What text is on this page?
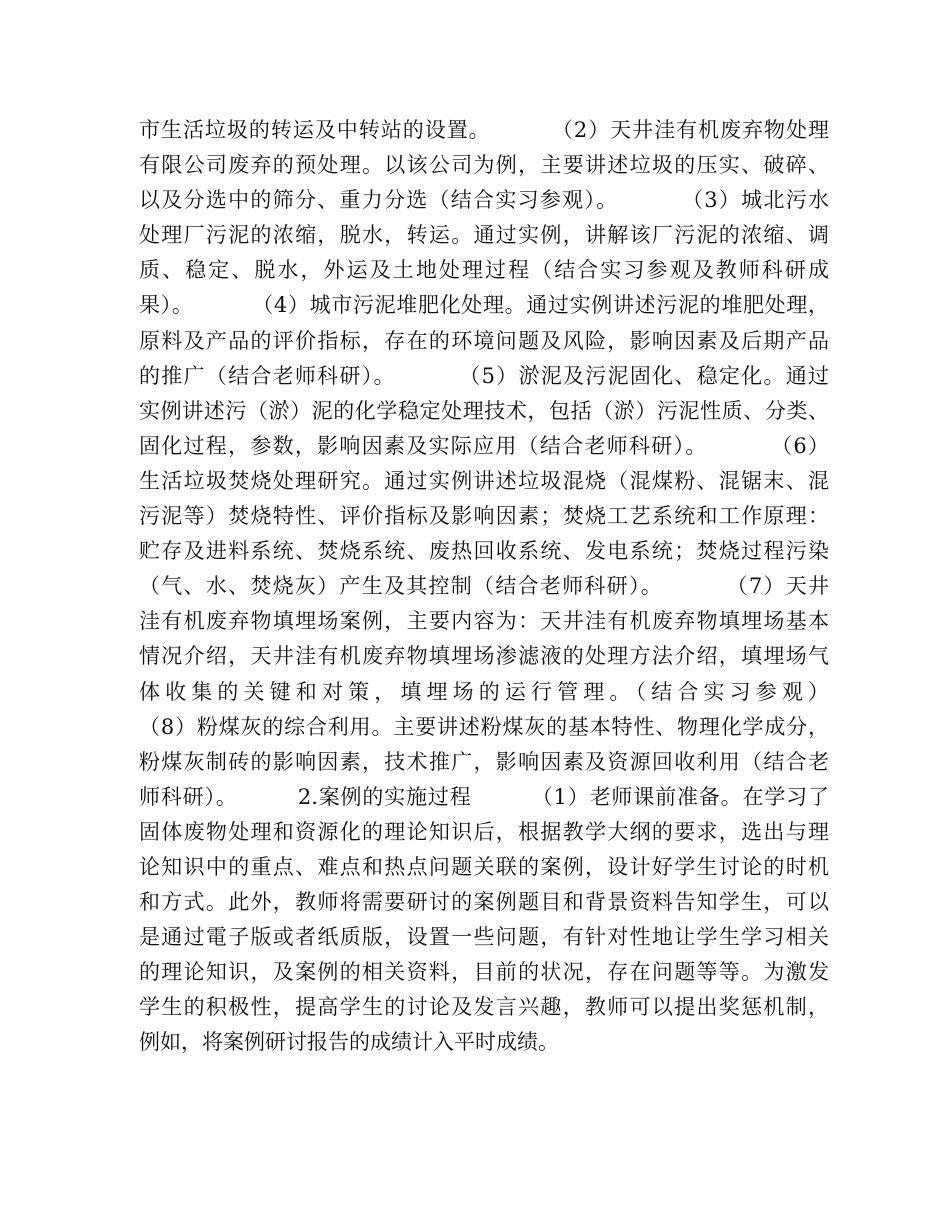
市生活垃圾的转运及中转站的设置。        （2）天井洼有机废弃物处理
有限公司废弃的预处理。以该公司为例，主要讲述垃圾的压实、破碎、
以及分选中的筛分、重力分选（结合实习参观）。        （3）城北污水
处理厂污泥的浓缩，脱水，转运。通过实例，讲解该厂污泥的浓缩、调
质、稳定、脱水，外运及土地处理过程（结合实习参观及教师科研成
果）。        （4）城市污泥堆肥化处理。通过实例讲述污泥的堆肥处理，
原料及产品的评价指标，存在的环境问题及风险，影响因素及后期产品
的推广（结合老师科研）。        （5）淤泥及污泥固化、稳定化。通过
实例讲述污（淤）泥的化学稳定处理技术，包括（淤）污泥性质、分类、
固化过程，参数，影响因素及实际应用（结合老师科研）。        （6）
生活垃圾焚烧处理研究。通过实例讲述垃圾混烧（混煤粉、混锯末、混
污泥等）焚烧特性、评价指标及影响因素；焚烧工艺系统和工作原理：
贮存及进料系统、焚烧系统、废热回收系统、发电系统；焚烧过程污染
（气、水、焚烧灰）产生及其控制（结合老师科研）。        （7）天井
洼有机废弃物填埋场案例，主要内容为：天井洼有机废弃物填埋场基本
情况介绍，天井洼有机废弃物填埋场渗滤液的处理方法介绍，填埋场气
体收集的关键和对策，填埋场的运行管理。（结合实习参观）
（8）粉煤灰的综合利用。主要讲述粉煤灰的基本特性、物理化学成分，
粉煤灰制砖的影响因素，技术推广，影响因素及资源回收利用（结合老
师科研）。        2.案例的实施过程        （1）老师课前准备。在学习了
固体废物处理和资源化的理论知识后，根据教学大纲的要求，选出与理
论知识中的重点、难点和热点问题关联的案例，设计好学生讨论的时机
和方式。此外，教师将需要研讨的案例题目和背景资料告知学生，可以
是通过電子版或者纸质版，设置一些问题，有针对性地让学生学习相关
的理论知识，及案例的相关资料，目前的状况，存在问题等等。为激发
学生的积极性，提高学生的讨论及发言兴趣，教师可以提出奖惩机制，
例如，将案例研讨报告的成绩计入平时成绩。
